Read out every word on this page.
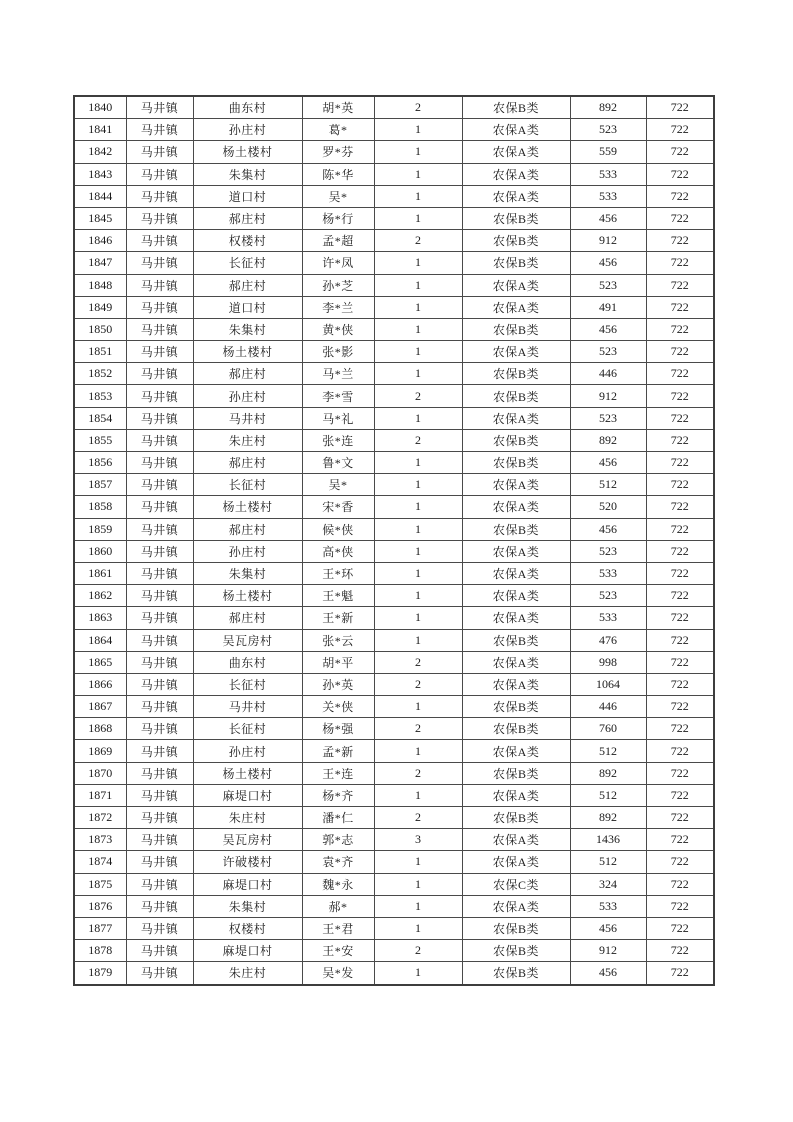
1840	马井镇	曲东村	胡*英	2	农保B类	892	722
1841	马井镇	孙庄村	葛*	1	农保A类	523	722
1842	马井镇	杨土楼村	罗*芬	1	农保A类	559	722
1843	马井镇	朱集村	陈*华	1	农保A类	533	722
1844	马井镇	道口村	吴*	1	农保A类	533	722
1845	马井镇	郝庄村	杨*行	1	农保B类	456	722
1846	马井镇	权楼村	孟*超	2	农保B类	912	722
1847	马井镇	长征村	许*凤	1	农保B类	456	722
1848	马井镇	郝庄村	孙*芝	1	农保A类	523	722
1849	马井镇	道口村	李*兰	1	农保A类	491	722
1850	马井镇	朱集村	黄*侠	1	农保B类	456	722
1851	马井镇	杨土楼村	张*影	1	农保A类	523	722
1852	马井镇	郝庄村	马*兰	1	农保B类	446	722
1853	马井镇	孙庄村	李*雪	2	农保B类	912	722
1854	马井镇	马井村	马*礼	1	农保A类	523	722
1855	马井镇	朱庄村	张*连	2	农保B类	892	722
1856	马井镇	郝庄村	鲁*文	1	农保B类	456	722
1857	马井镇	长征村	吴*	1	农保A类	512	722
1858	马井镇	杨土楼村	宋*香	1	农保A类	520	722
1859	马井镇	郝庄村	候*侠	1	农保B类	456	722
1860	马井镇	孙庄村	高*侠	1	农保A类	523	722
1861	马井镇	朱集村	王*环	1	农保A类	533	722
1862	马井镇	杨土楼村	王*魁	1	农保A类	523	722
1863	马井镇	郝庄村	王*新	1	农保A类	533	722
1864	马井镇	吴瓦房村	张*云	1	农保B类	476	722
1865	马井镇	曲东村	胡*平	2	农保A类	998	722
1866	马井镇	长征村	孙*英	2	农保A类	1064	722
1867	马井镇	马井村	关*侠	1	农保B类	446	722
1868	马井镇	长征村	杨*强	2	农保B类	760	722
1869	马井镇	孙庄村	孟*新	1	农保A类	512	722
1870	马井镇	杨土楼村	王*连	2	农保B类	892	722
1871	马井镇	麻堤口村	杨*齐	1	农保A类	512	722
1872	马井镇	朱庄村	潘*仁	2	农保B类	892	722
1873	马井镇	吴瓦房村	郭*志	3	农保A类	1436	722
1874	马井镇	许破楼村	袁*齐	1	农保A类	512	722
1875	马井镇	麻堤口村	魏*永	1	农保C类	324	722
1876	马井镇	朱集村	郝*	1	农保A类	533	722
1877	马井镇	权楼村	王*君	1	农保B类	456	722
1878	马井镇	麻堤口村	王*安	2	农保B类	912	722
1879	马井镇	朱庄村	吴*发	1	农保B类	456	722
